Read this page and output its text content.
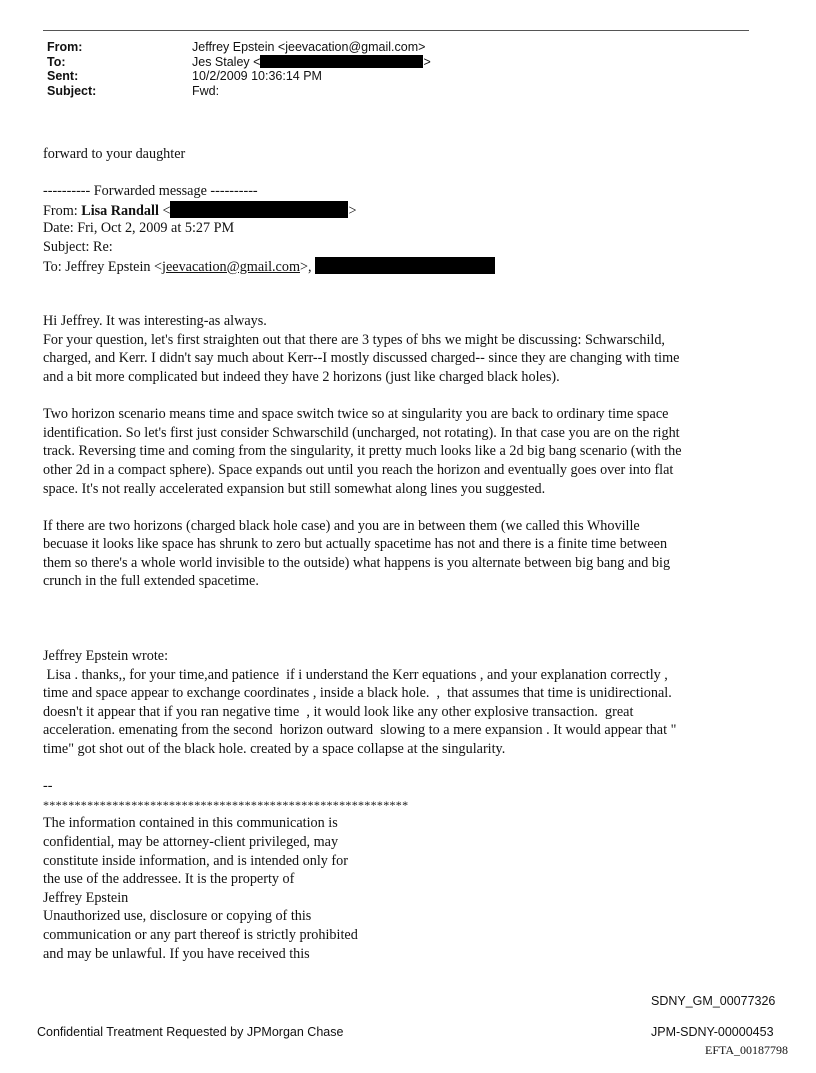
From:	Jeffrey Epstein <jeevacation@gmail.com>
To:	Jes Staley <	>
Sent:	10/2/2009 10:36:14 PM
Subject:	Fwd:

forward to your daughter

---------- Forwarded message ----------
From: Lisa Randall <	>
Date: Fri, Oct 2, 2009 at 5:27 PM
Subject: Re:
To: Jeffrey Epstein <jeevacation@gmail.com>,
Hi Jeffrey. It was interesting-as always.
For your question, let's first straighten out that there are 3 types of bhs we might be discussing: Schwarschild,
charged, and Kerr. I didn't say much about Kerr--I mostly discussed charged-- since they are changing with time
and a bit more complicated but indeed they have 2 horizons (just like charged black holes).
Two horizon scenario means time and space switch twice so at singularity you are back to ordinary time space
identification. So let's first just consider Schwarschild (uncharged, not rotating). In that case you are on the right
track. Reversing time and coming from the singularity, it pretty much looks like a 2d big bang scenario (with the
other 2d in a compact sphere). Space expands out until you reach the horizon and eventually goes over into flat
space. It's not really accelerated expansion but still somewhat along lines you suggested.
If there are two horizons (charged black hole case) and you are in between them (we called this Whoville
becuase it looks like space has shrunk to zero but actually spacetime has not and there is a finite time between
them so there's a whole world invisible to the outside) what happens is you alternate between big bang and big
crunch in the full extended spacetime.
Jeffrey Epstein wrote:
Lisa . thanks,, for your time,and patience  if i understand the Kerr equations , and your explanation correctly ,
time and space appear to exchange coordinates , inside a black hole.  ,  that assumes that time is unidirectional.
doesn't it appear that if you ran negative time  , it would look like any other explosive transaction.  great
acceleration. emenating from the second  horizon outward  slowing to a mere expansion . It would appear that "
time" got shot out of the black hole. created by a space collapse at the singularity.
--
**********************************************************
The information contained in this communication is
confidential, may be attorney-client privileged, may
constitute inside information, and is intended only for
the use of the addressee. It is the property of
Jeffrey Epstein
Unauthorized use, disclosure or copying of this
communication or any part thereof is strictly prohibited
and may be unlawful. If you have received this
SDNY_GM_00077326
Confidential Treatment Requested by JPMorgan Chase	JPM-SDNY-00000453
EFTA_00187798
